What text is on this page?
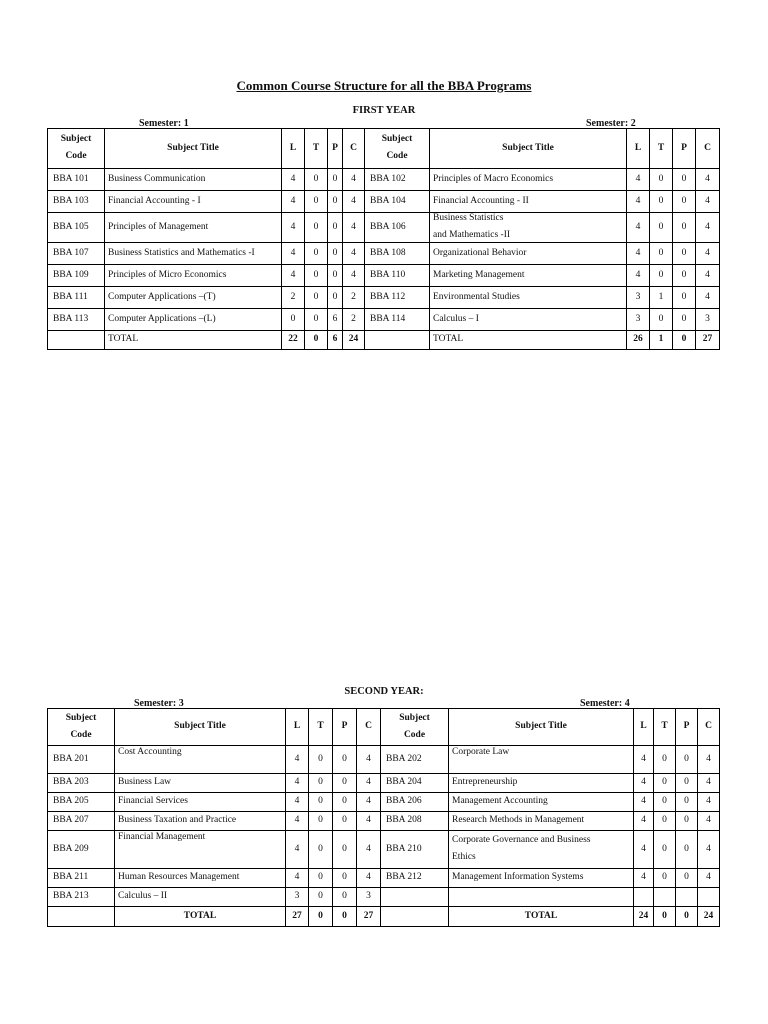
Common Course Structure for all the BBA Programs
FIRST YEAR
Semester: 1	Semester: 2
Subject
Code	Subject Title	L	T	P	C	Subject
Code	Subject Title	L	T	P	C
BBA 101	Business Communication	4	0	0	4	BBA 102	Principles of Macro Economics	4	0	0	4
BBA 103	Financial Accounting - I	4	0	0	4	BBA 104	Financial Accounting - II	4	0	0	4
BBA 105	Principles of Management	4	0	0	4	BBA 106	Business Statistics
and Mathematics -II	4	0	0	4
BBA 107	Business Statistics and Mathematics -I	4	0	0	4	BBA 108	Organizational Behavior	4	0	0	4
BBA 109	Principles of Micro Economics	4	0	0	4	BBA 110	Marketing Management	4	0	0	4
BBA 111	Computer Applications –(T)	2	0	0	2	BBA 112	Environmental Studies	3	1	0	4
BBA 113	Computer Applications –(L)	0	0	6	2	BBA 114	Calculus – I	3	0	0	3
	TOTAL	22	0	6	24		TOTAL	26	1	0	27
SECOND YEAR:
Semester: 3	Semester: 4
Subject
Code	Subject Title	L	T	P	C	Subject
Code	Subject Title	L	T	P	C
BBA 201	Cost Accounting	4	0	0	4	BBA 202	Corporate Law	4	0	0	4
BBA 203	Business Law	4	0	0	4	BBA 204	Entrepreneurship	4	0	0	4
BBA 205	Financial Services	4	0	0	4	BBA 206	Management Accounting	4	0	0	4
BBA 207	Business Taxation and Practice	4	0	0	4	BBA 208	Research Methods in Management	4	0	0	4
BBA 209	Financial Management	4	0	0	4	BBA 210	Corporate Governance and Business
Ethics	4	0	0	4
BBA 211	Human Resources Management	4	0	0	4	BBA 212	Management Information Systems	4	0	0	4
BBA 213	Calculus – II	3	0	0	3		

	TOTAL	27	0	0	27		TOTAL	24	0	0	24
